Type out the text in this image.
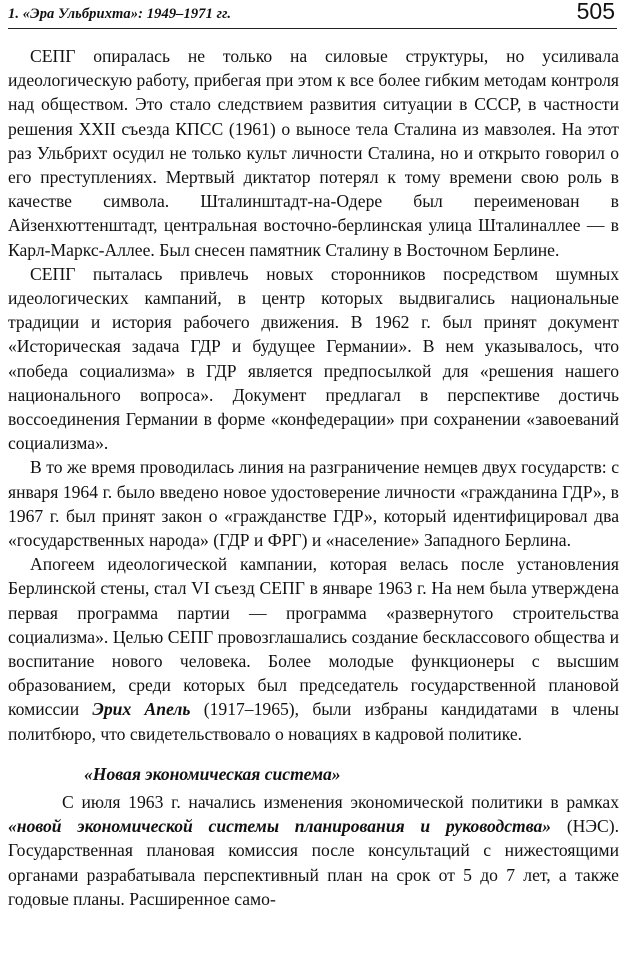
1. «Эра Ульбрихта»: 1949–1971 гг.	505

СЕПГ опиралась не только на силовые структуры, но усиливала идеологическую работу, прибегая при этом к все более гибким методам контроля над обществом. Это стало следствием развития ситуации в СССР, в частности решения XXII съезда КПСС (1961) о выносе тела Сталина из мавзолея. На этот раз Ульбрихт осудил не только культ личности Сталина, но и открыто говорил о его преступлениях. Мертвый диктатор потерял к тому времени свою роль в качестве символа. Шталинштадт-на-Одере был переименован в Айзенхюттенштадт, центральная восточно-берлинская улица Шталиналлее — в Карл-Маркс-Аллее. Был снесен памятник Сталину в Восточном Берлине.

СЕПГ пыталась привлечь новых сторонников посредством шумных идеологических кампаний, в центр которых выдвигались национальные традиции и история рабочего движения. В 1962 г. был принят документ «Историческая задача ГДР и будущее Германии». В нем указывалось, что «победа социализма» в ГДР является предпосылкой для «решения нашего национального вопроса». Документ предлагал в перспективе достичь воссоединения Германии в форме «конфедерации» при сохранении «завоеваний социализма».

В то же время проводилась линия на разграничение немцев двух государств: с января 1964 г. было введено новое удостоверение личности «гражданина ГДР», в 1967 г. был принят закон о «гражданстве ГДР», который идентифицировал два «государственных народа» (ГДР и ФРГ) и «население» Западного Берлина.

Апогеем идеологической кампании, которая велась после установления Берлинской стены, стал VI съезд СЕПГ в январе 1963 г. На нем была утверждена первая программа партии — программа «развернутого строительства социализма». Целью СЕПГ провозглашались создание бесклассового общества и воспитание нового человека. Более молодые функционеры с высшим образованием, среди которых был председатель государственной плановой комиссии Эрих Апель (1917–1965), были избраны кандидатами в члены политбюро, что свидетельствовало о новациях в кадровой политике.

«Новая экономическая система»

С июля 1963 г. начались изменения экономической политики в рамках «новой экономической системы планирования и руководства» (НЭС). Государственная плановая комиссия после консультаций с нижестоящими органами разрабатывала перспективный план на срок от 5 до 7 лет, а также годовые планы. Расширенное само-
